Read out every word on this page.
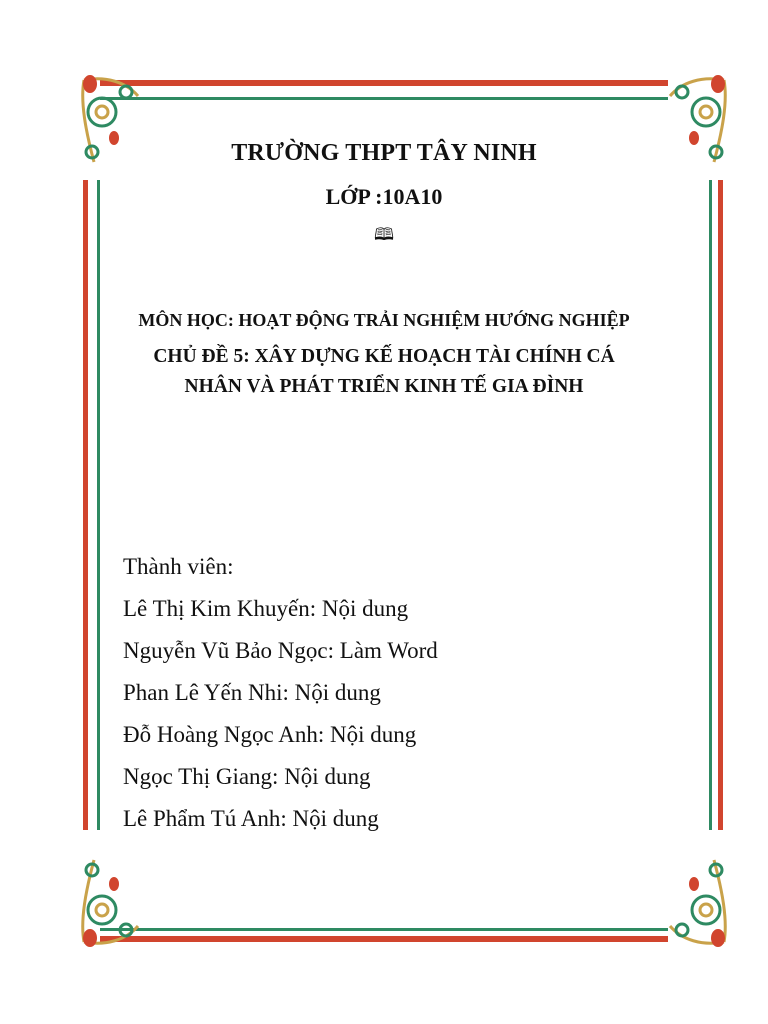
TRƯỜNG THPT TÂY NINH
LỚP :10A10
🕮
MÔN HỌC: HOẠT ĐỘNG TRẢI NGHIỆM HƯỚNG NGHIỆP
CHỦ ĐỀ 5: XÂY DỰNG KẾ HOẠCH TÀI CHÍNH CÁ
NHÂN VÀ PHÁT TRIỂN KINH TẾ GIA ĐÌNH
Thành viên:
Lê Thị Kim Khuyến: Nội dung
Nguyễn Vũ Bảo Ngọc: Làm Word
Phan Lê Yến Nhi: Nội dung
Đỗ Hoàng Ngọc Anh: Nội dung
Ngọc Thị Giang: Nội dung
Lê Phẩm Tú Anh: Nội dung
